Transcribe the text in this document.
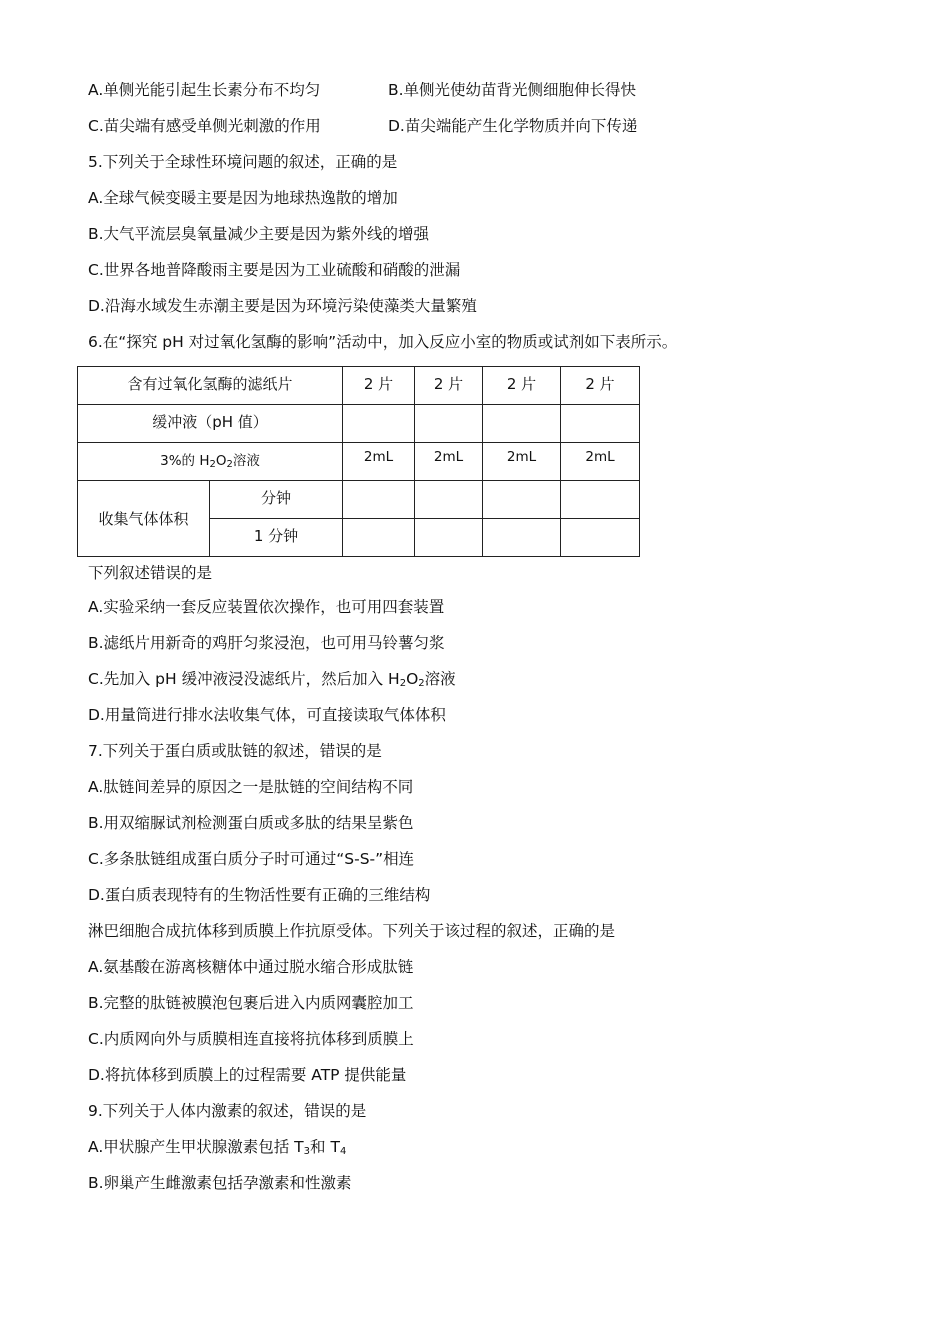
A.单侧光能引起生长素分布不均匀	B.单侧光使幼苗背光侧细胞伸长得快
C.苗尖端有感受单侧光刺激的作用	D.苗尖端能产生化学物质并向下传递
5.下列关于全球性环境问题的叙述，正确的是
A.全球气候变暖主要是因为地球热逸散的增加
B.大气平流层臭氧量减少主要是因为紫外线的增强
C.世界各地普降酸雨主要是因为工业硫酸和硝酸的泄漏
D.沿海水域发生赤潮主要是因为环境污染使藻类大量繁殖
6.在“探究 pH 对过氧化氢酶的影响”活动中，加入反应小室的物质或试剂如下表所示。
含有过氧化氢酶的滤纸片		2 片	2 片	2 片	2 片

缓冲液（pH 值）					

3%的 $H_2O_2$溶液		2mL	2mL	2mL	2mL

收集气体体积	分钟				

	1 分钟				

下列叙述错误的是
A.实验采纳一套反应装置依次操作，也可用四套装置
B.滤纸片用新奇的鸡肝匀浆浸泡，也可用马铃薯匀浆
C.先加入 pH 缓冲液浸没滤纸片，然后加入 $H_2O_2$溶液
D.用量筒进行排水法收集气体，可直接读取气体体积
7.下列关于蛋白质或肽链的叙述，错误的是
A.肽链间差异的原因之一是肽链的空间结构不同
B.用双缩脲试剂检测蛋白质或多肽的结果呈紫色
C.多条肽链组成蛋白质分子时可通过“S-S-”相连
D.蛋白质表现特有的生物活性要有正确的三维结构
淋巴细胞合成抗体移到质膜上作抗原受体。下列关于该过程的叙述，正确的是
A.氨基酸在游离核糖体中通过脱水缩合形成肽链
B.完整的肽链被膜泡包裹后进入内质网囊腔加工
C.内质网向外与质膜相连直接将抗体移到质膜上
D.将抗体移到质膜上的过程需要 ATP 提供能量
9.下列关于人体内激素的叙述，错误的是
A.甲状腺产生甲状腺激素包括 $T_3$和 $T_4$
B.卵巢产生雌激素包括孕激素和性激素
